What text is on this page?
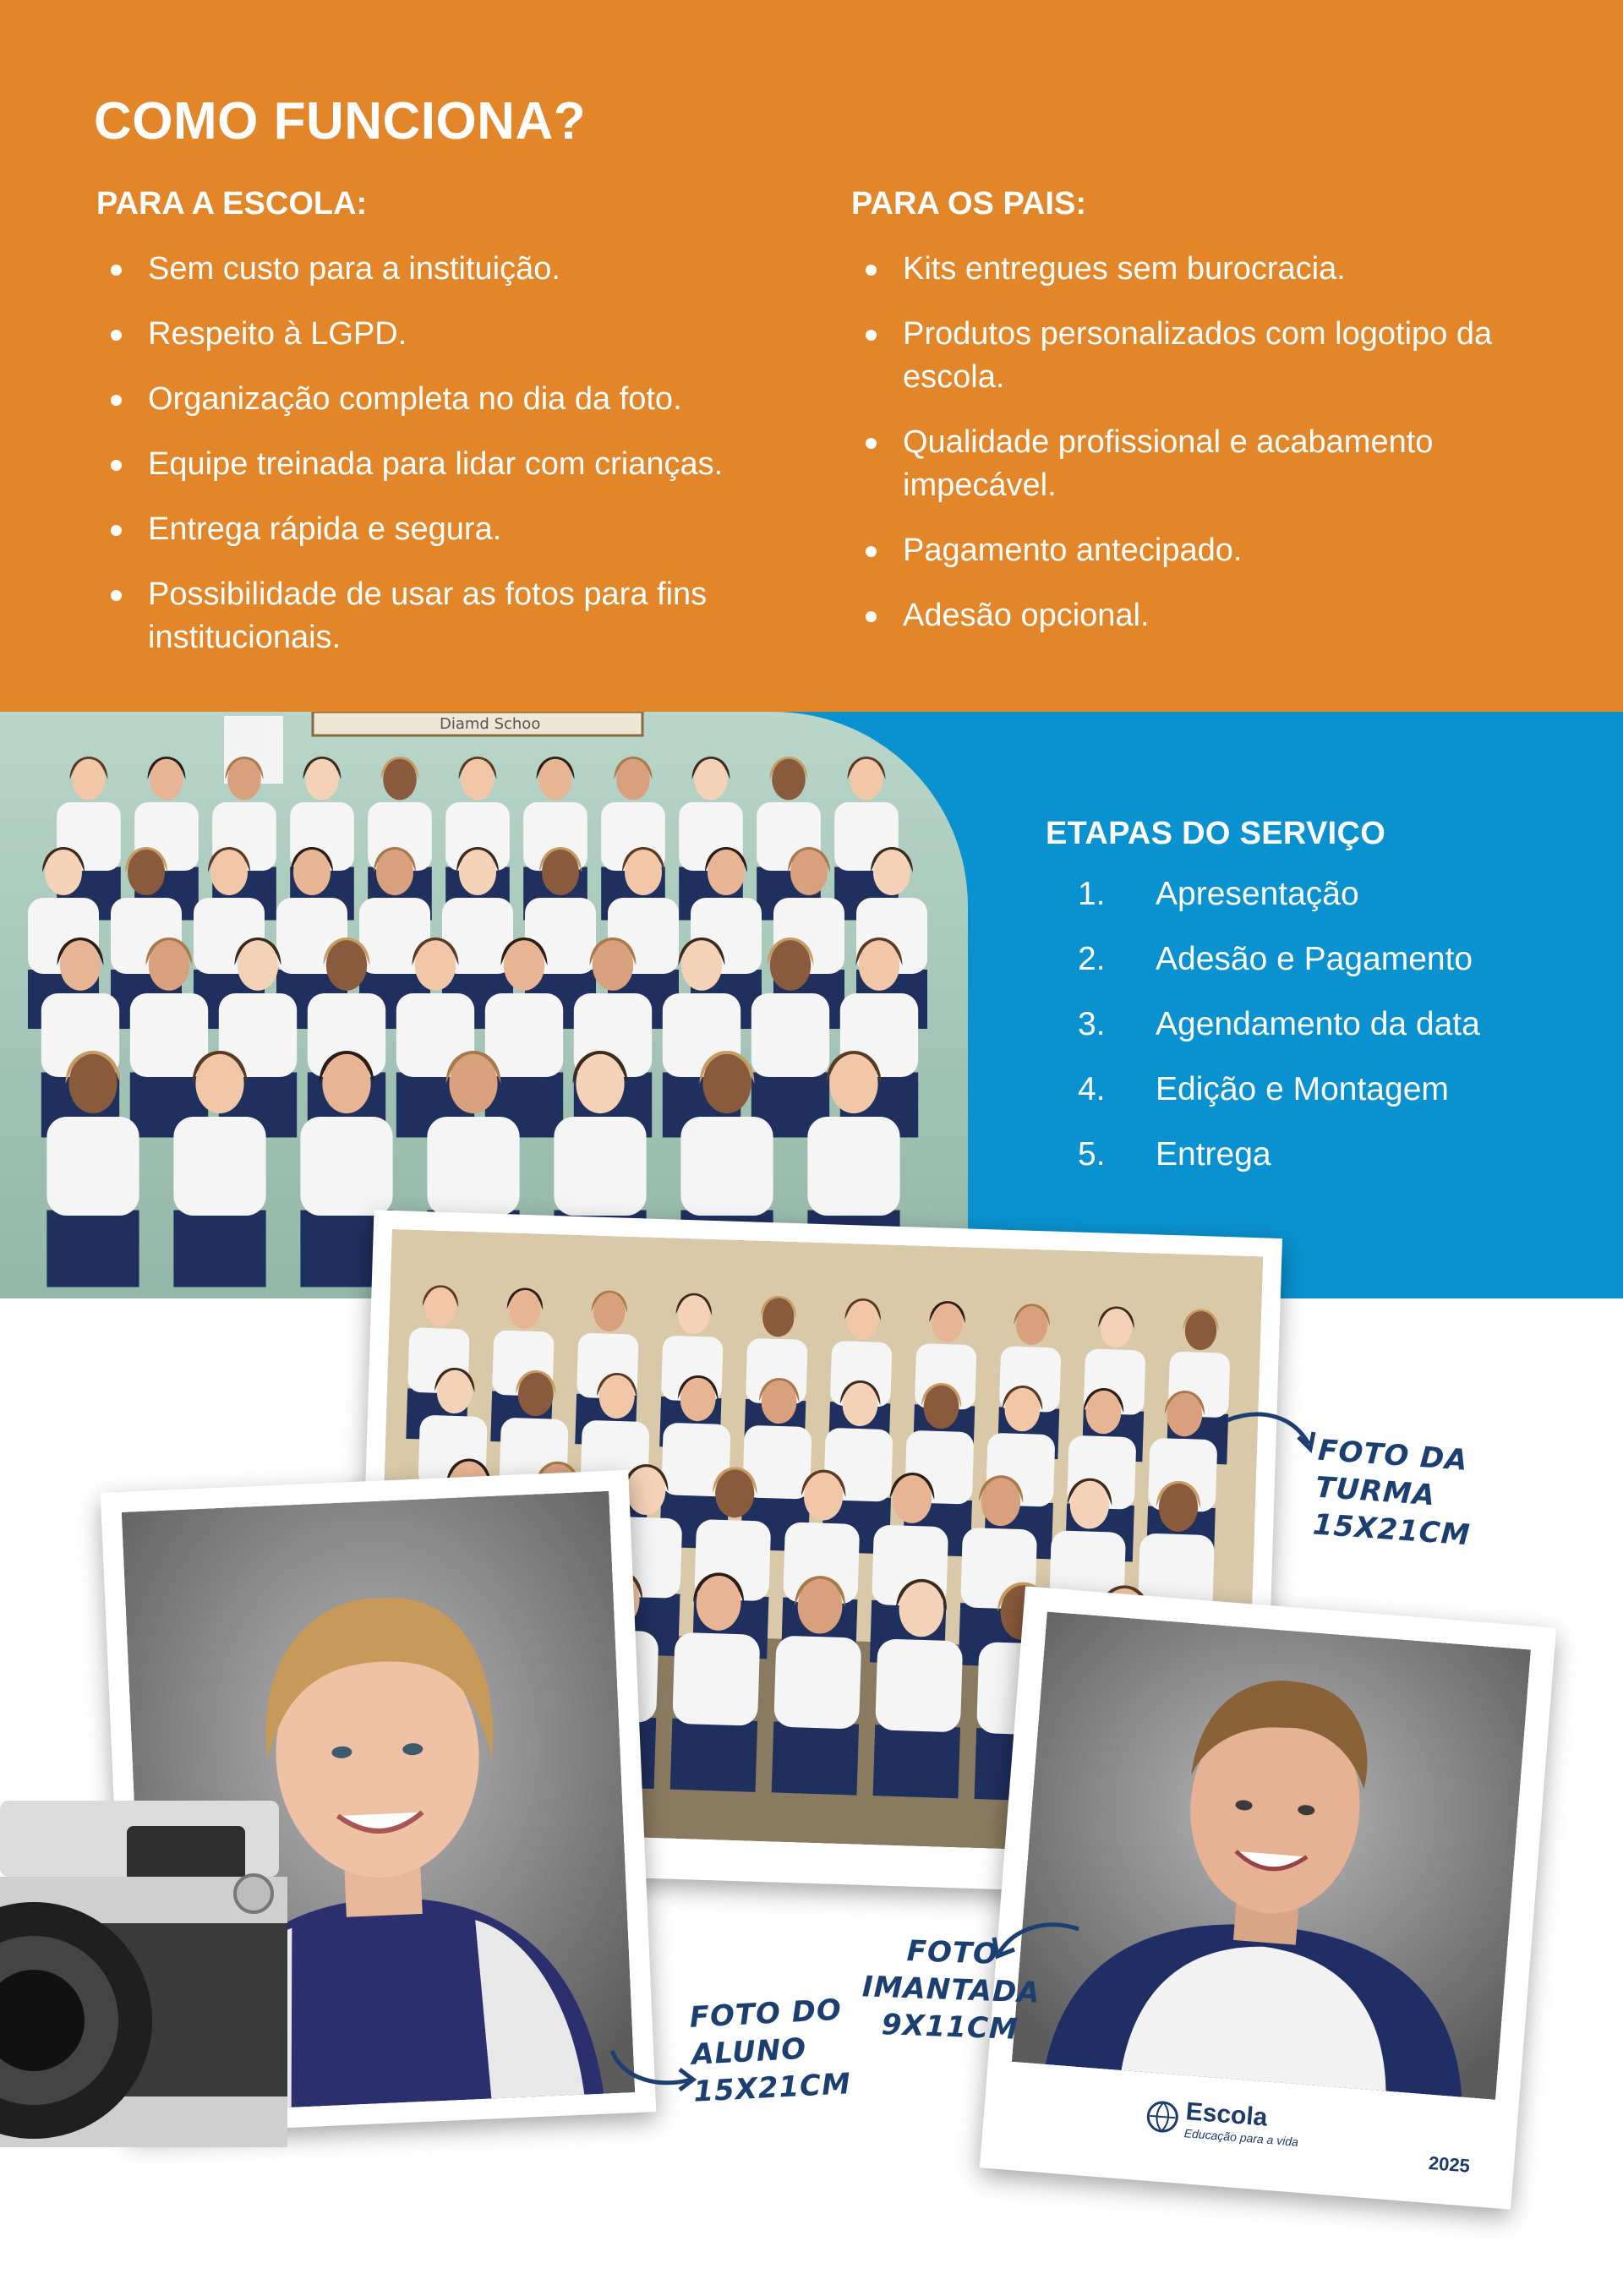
COMO FUNCIONA?
PARA A ESCOLA:
Sem custo para a instituição.
Respeito à LGPD.
Organização completa no dia da foto.
Equipe treinada para lidar com crianças.
Entrega rápida e segura.
Possibilidade de usar as fotos para fins institucionais.
PARA OS PAIS:
Kits entregues sem burocracia.
Produtos personalizados com logotipo da escola.
Qualidade profissional e acabamento impecável.
Pagamento antecipado.
Adesão opcional.
Diamd Schoo
ETAPAS DO SERVIÇO
1.	Apresentação
2.	Adesão e Pagamento
3.	Agendamento da data
4.	Edição e Montagem
5.	Entrega
Escola
Educação para a vida
2025
FOTO DA
TURMA
15X21CM
FOTO DO
ALUNO
15X21CM
FOTO
IMANTADA
9X11CM
